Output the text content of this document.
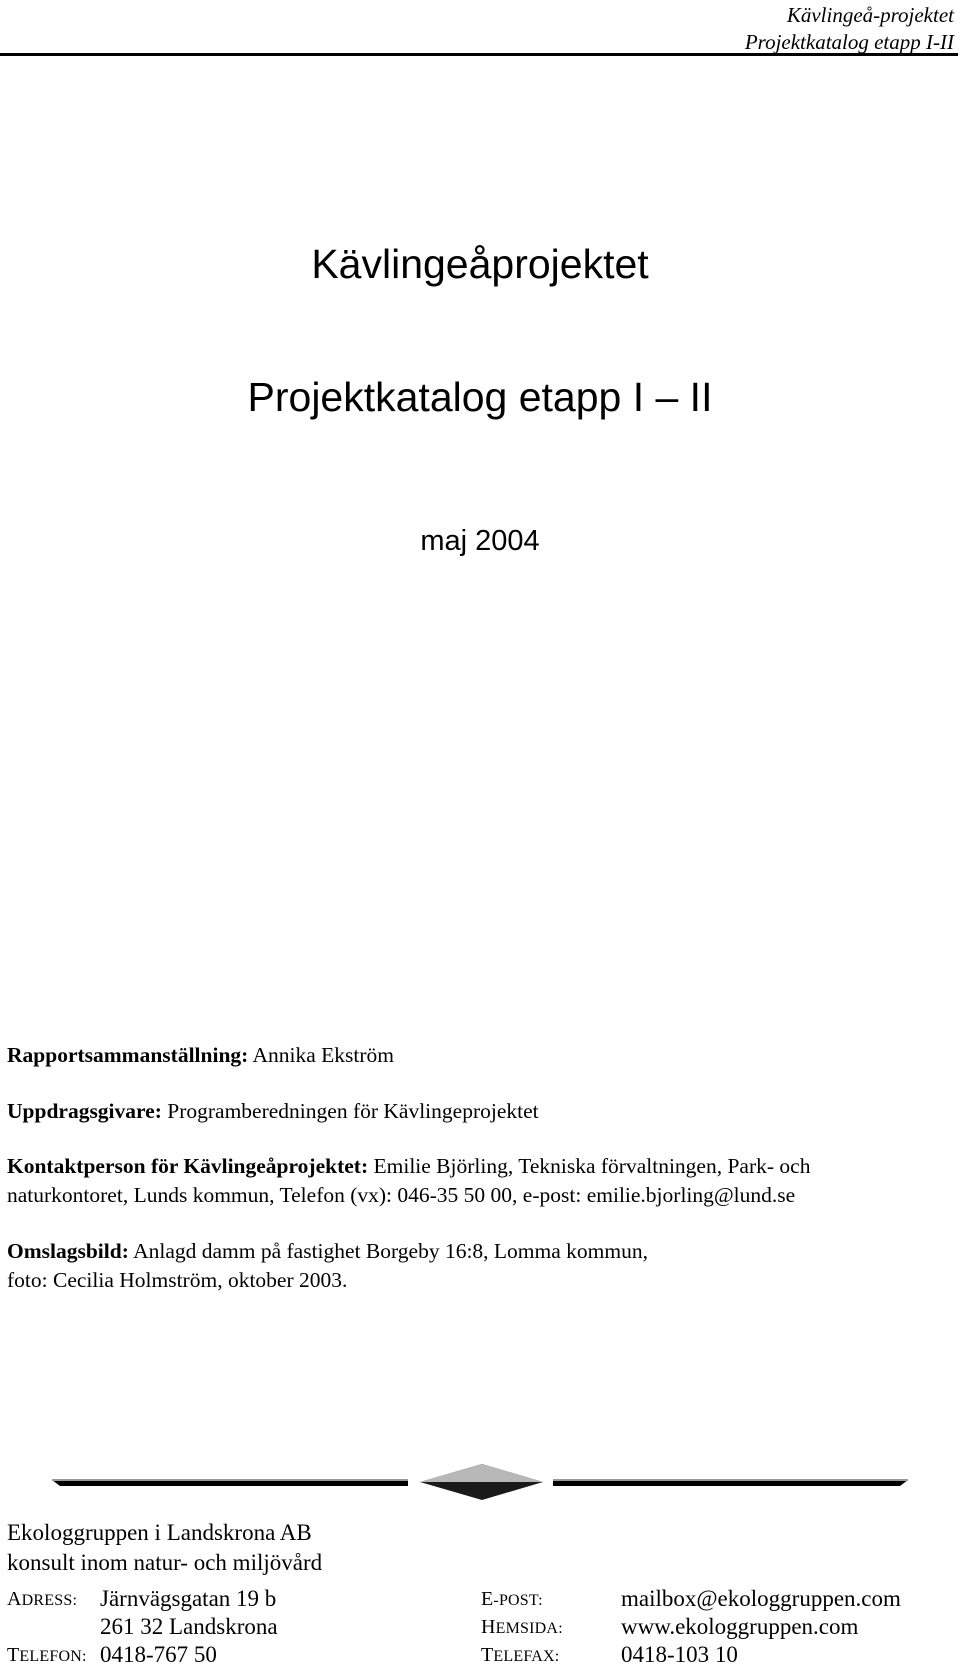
Kävlingeå-projektet
Projektkatalog etapp I-II
Kävlingeåprojektet
Projektkatalog etapp I – II
maj 2004
Rapportsammanställning: Annika Ekström
Uppdragsgivare: Programberedningen för Kävlingeprojektet
Kontaktperson för Kävlingeåprojektet: Emilie Björling, Tekniska förvaltningen, Park- och
naturkontoret, Lunds kommun, Telefon (vx): 046-35 50 00, e-post: emilie.bjorling@lund.se
Omslagsbild: Anlagd damm på fastighet Borgeby 16:8, Lomma kommun,
foto: Cecilia Holmström, oktober 2003.
Ekologgruppen i Landskrona AB
konsult inom natur- och miljövård
ADRESS: Järnvägsgatan 19 b	E-POST:	mailbox@ekologgruppen.com
261 32 Landskrona	HEMSIDA:	www.ekologgruppen.com
TELEFON: 0418-767 50	TELEFAX:	0418-103 10
